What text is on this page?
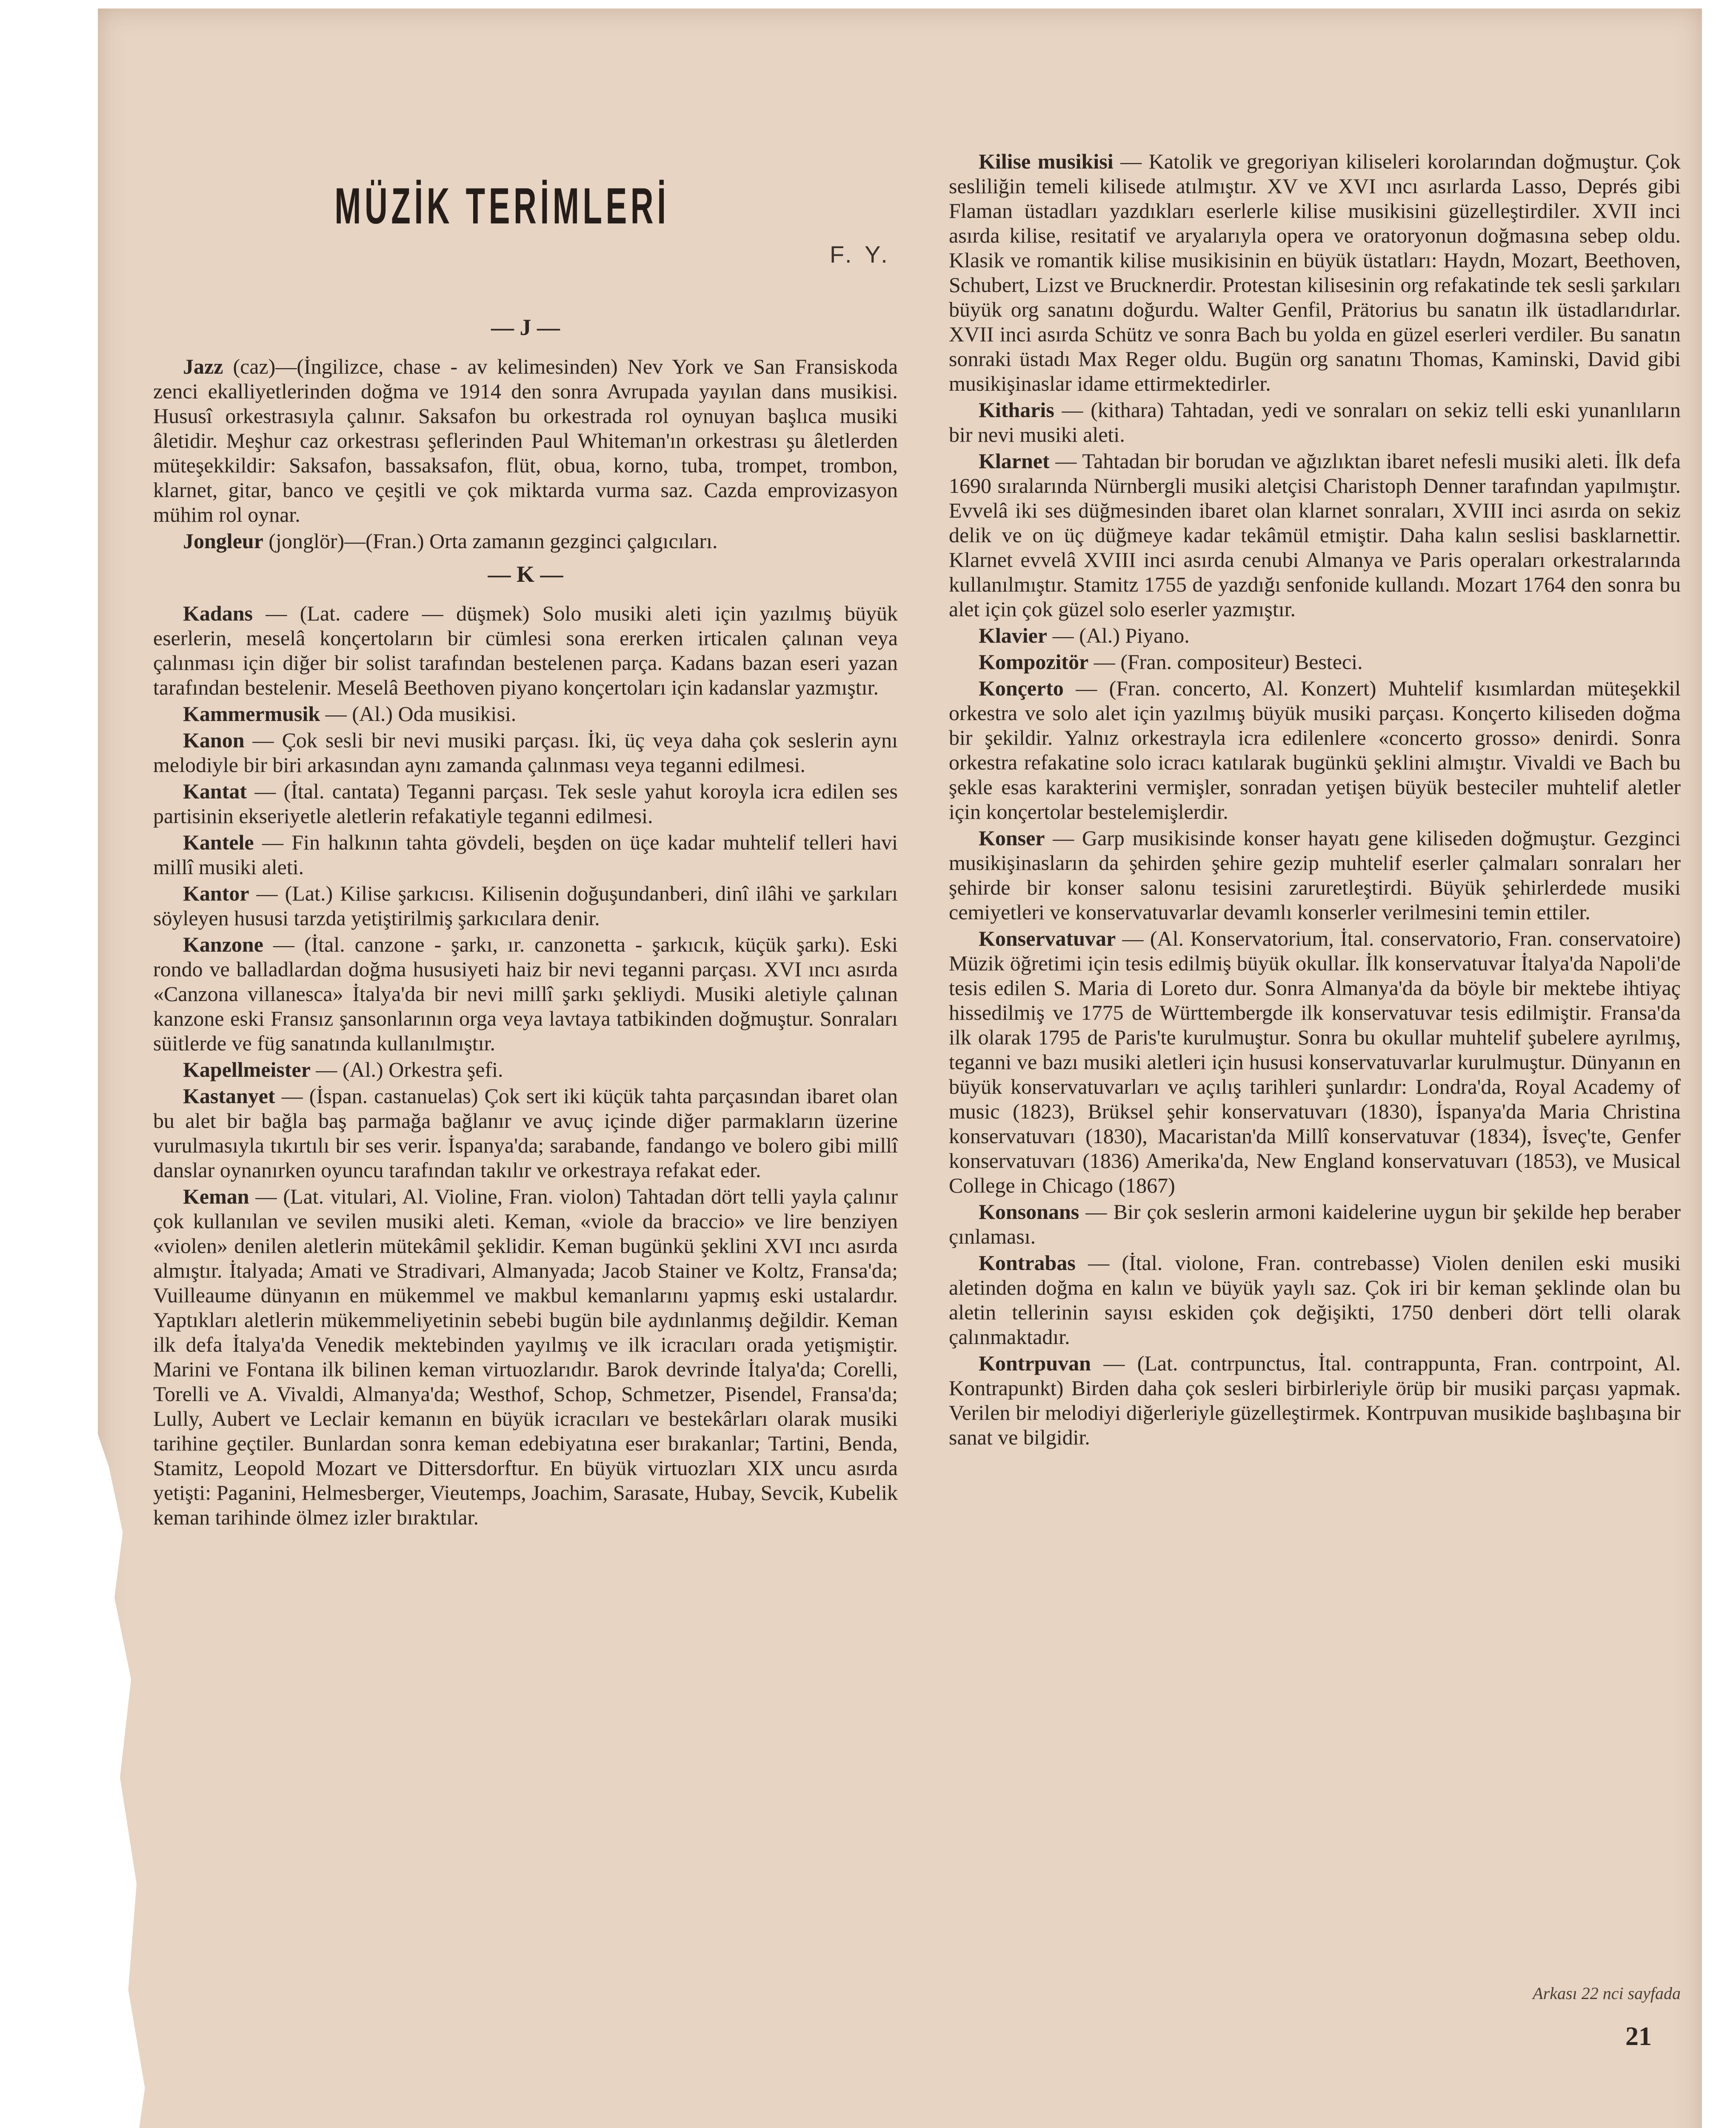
MÜZİK TERİMLERİ
F. Y.
— J —

Jazz (caz)—(İngilizce, chase - av kelimesinden) Nev York ve San Fransiskoda zenci ekalliyetlerinden doğma ve 1914 den sonra Avrupada yayılan dans musikisi. Hususî orkestrasıyla çalınır. Saksafon bu orkestrada rol oynuyan başlıca musiki âletidir. Meşhur caz orkestrası şeflerinden Paul Whiteman'ın orkestrası şu âletlerden müteşekkildir: Saksafon, bassaksafon, flüt, obua, korno, tuba, trompet, trombon, klarnet, gitar, banco ve çeşitli ve çok miktarda vurma saz. Cazda emprovizasyon mühim rol oynar.

Jongleur (jonglör)—(Fran.) Orta zamanın gezginci çalgıcıları.

— K —

Kadans — (Lat. cadere — düşmek) Solo musiki aleti için yazılmış büyük eserlerin, meselâ konçertoların bir cümlesi sona ererken irticalen çalınan veya çalınması için diğer bir solist tarafından bestelenen parça. Kadans bazan eseri yazan tarafından bestelenir. Meselâ Beethoven piyano konçertoları için kadanslar yazmıştır.

Kammermusik — (Al.) Oda musikisi.

Kanon — Çok sesli bir nevi musiki parçası. İki, üç veya daha çok seslerin aynı melodiyle bir biri arkasından aynı zamanda çalınması veya teganni edilmesi.

Kantat — (İtal. cantata) Teganni parçası. Tek sesle yahut koroyla icra edilen ses partisinin ekseriyetle aletlerin refakatiyle teganni edilmesi.

Kantele — Fin halkının tahta gövdeli, beşden on üçe kadar muhtelif telleri havi millî musiki aleti.

Kantor — (Lat.) Kilise şarkıcısı. Kilisenin doğuşundanberi, dinî ilâhi ve şarkıları söyleyen hususi tarzda yetiştirilmiş şarkıcılara denir.

Kanzone — (İtal. canzone - şarkı, ır. canzonetta - şarkıcık, küçük şarkı). Eski rondo ve balladlardan doğma hususiyeti haiz bir nevi teganni parçası. XVI ıncı asırda «Canzona villanesca» İtalya'da bir nevi millî şarkı şekliydi. Musiki aletiyle çalınan kanzone eski Fransız şansonlarının orga veya lavtaya tatbikinden doğmuştur. Sonraları süitlerde ve füg sanatında kullanılmıştır.

Kapellmeister — (Al.) Orkestra şefi.

Kastanyet — (İspan. castanuelas) Çok sert iki küçük tahta parçasından ibaret olan bu alet bir bağla baş parmağa bağlanır ve avuç içinde diğer parmakların üzerine vurulmasıyla tıkırtılı bir ses verir. İspanya'da; sarabande, fandango ve bolero gibi millî danslar oynanırken oyuncu tarafından takılır ve orkestraya refakat eder.

Keman — (Lat. vitulari, Al. Violine, Fran. violon) Tahtadan dört telli yayla çalınır çok kullanılan ve sevilen musiki aleti. Keman, «viole da braccio» ve lire benziyen «violen» denilen aletlerin mütekâmil şeklidir. Keman bugünkü şeklini XVI ıncı asırda almıştır. İtalyada; Amati ve Stradivari, Almanyada; Jacob Stainer ve Koltz, Fransa'da; Vuilleaume dünyanın en mükemmel ve makbul kemanlarını yapmış eski ustalardır. Yaptıkları aletlerin mükemmeliyetinin sebebi bugün bile aydınlanmış değildir. Keman ilk defa İtalya'da Venedik mektebinden yayılmış ve ilk icracıları orada yetişmiştir. Marini ve Fontana ilk bilinen keman virtuozlarıdır. Barok devrinde İtalya'da; Corelli, Torelli ve A. Vivaldi, Almanya'da; Westhof, Schop, Schmetzer, Pisendel, Fransa'da; Lully, Aubert ve Leclair kemanın en büyük icracıları ve bestekârları olarak musiki tarihine geçtiler. Bunlardan sonra keman edebiyatına eser bırakanlar; Tartini, Benda, Stamitz, Leopold Mozart ve Dittersdorftur. En büyük virtuozları XIX uncu asırda yetişti: Paganini, Helmesberger, Vieutemps, Joachim, Sarasate, Hubay, Sevcik, Kubelik keman tarihinde ölmez izler bıraktılar.

Kilise musikisi — Katolik ve gregoriyan kiliseleri korolarından doğmuştur. Çok sesliliğin temeli kilisede atılmıştır. XV ve XVI ıncı asırlarda Lasso, Deprés gibi Flaman üstadları yazdıkları eserlerle kilise musikisini güzelleştirdiler. XVII inci asırda kilise, resitatif ve aryalarıyla opera ve oratoryonun doğmasına sebep oldu. Klasik ve romantik kilise musikisinin en büyük üstatları: Haydn, Mozart, Beethoven, Schubert, Lizst ve Brucknerdir. Protestan kilisesinin org refakatinde tek sesli şarkıları büyük org sanatını doğurdu. Walter Genfil, Prätorius bu sanatın ilk üstadlarıdırlar. XVII inci asırda Schütz ve sonra Bach bu yolda en güzel eserleri verdiler. Bu sanatın sonraki üstadı Max Reger oldu. Bugün org sanatını Thomas, Kaminski, David gibi musikişinaslar idame ettirmektedirler.

Kitharis — (kithara) Tahtadan, yedi ve sonraları on sekiz telli eski yunanlıların bir nevi musiki aleti.

Klarnet — Tahtadan bir borudan ve ağızlıktan ibaret nefesli musiki aleti. İlk defa 1690 sıralarında Nürnbergli musiki aletçisi Charistoph Denner tarafından yapılmıştır. Evvelâ iki ses düğmesinden ibaret olan klarnet sonraları, XVIII inci asırda on sekiz delik ve on üç düğmeye kadar tekâmül etmiştir. Daha kalın seslisi basklarnettir. Klarnet evvelâ XVIII inci asırda cenubi Almanya ve Paris operaları orkestralarında kullanılmıştır. Stamitz 1755 de yazdığı senfonide kullandı. Mozart 1764 den sonra bu alet için çok güzel solo eserler yazmıştır.

Klavier — (Al.) Piyano.

Kompozitör — (Fran. compositeur) Besteci.

Konçerto — (Fran. concerto, Al. Konzert) Muhtelif kısımlardan müteşekkil orkestra ve solo alet için yazılmış büyük musiki parçası. Konçerto kiliseden doğma bir şekildir. Yalnız orkestrayla icra edilenlere «concerto grosso» denirdi. Sonra orkestra refakatine solo icracı katılarak bugünkü şeklini almıştır. Vivaldi ve Bach bu şekle esas karakterini vermişler, sonradan yetişen büyük besteciler muhtelif aletler için konçertolar bestelemişlerdir.

Konser — Garp musikisinde konser hayatı gene kiliseden doğmuştur. Gezginci musikişinasların da şehirden şehire gezip muhtelif eserler çalmaları sonraları her şehirde bir konser salonu tesisini zaruretleştirdi. Büyük şehirlerdede musiki cemiyetleri ve konservatuvarlar devamlı konserler verilmesini temin ettiler.

Konservatuvar — (Al. Konservatorium, İtal. conservatorio, Fran. conservatoire) Müzik öğretimi için tesis edilmiş büyük okullar. İlk konservatuvar İtalya'da Napoli'de tesis edilen S. Maria di Loreto dur. Sonra Almanya'da da böyle bir mektebe ihtiyaç hissedilmiş ve 1775 de Württembergde ilk konservatuvar tesis edilmiştir. Fransa'da ilk olarak 1795 de Paris'te kurulmuştur. Sonra bu okullar muhtelif şubelere ayrılmış, teganni ve bazı musiki aletleri için hususi konservatuvarlar kurulmuştur. Dünyanın en büyük konservatuvarları ve açılış tarihleri şunlardır: Londra'da, Royal Academy of music (1823), Brüksel şehir konservatuvarı (1830), İspanya'da Maria Christina konservatuvarı (1830), Macaristan'da Millî konservatuvar (1834), İsveç'te, Genfer konservatuvarı (1836) Amerika'da, New England konservatuvarı (1853), ve Musical College in Chicago (1867)

Konsonans — Bir çok seslerin armoni kaidelerine uygun bir şekilde hep beraber çınlaması.

Kontrabas — (İtal. violone, Fran. contrebasse) Violen denilen eski musiki aletinden doğma en kalın ve büyük yaylı saz. Çok iri bir keman şeklinde olan bu aletin tellerinin sayısı eskiden çok değişikti, 1750 denberi dört telli olarak çalınmaktadır.

Kontrpuvan — (Lat. contrpunctus, İtal. contrappunta, Fran. contrpoint, Al. Kontrapunkt) Birden daha çok sesleri birbirleriyle örüp bir musiki parçası yapmak. Verilen bir melodiyi diğerleriyle güzelleştirmek. Kontrpuvan musikide başlıbaşına bir sanat ve bilgidir.

Arkası 22 nci sayfada
21
